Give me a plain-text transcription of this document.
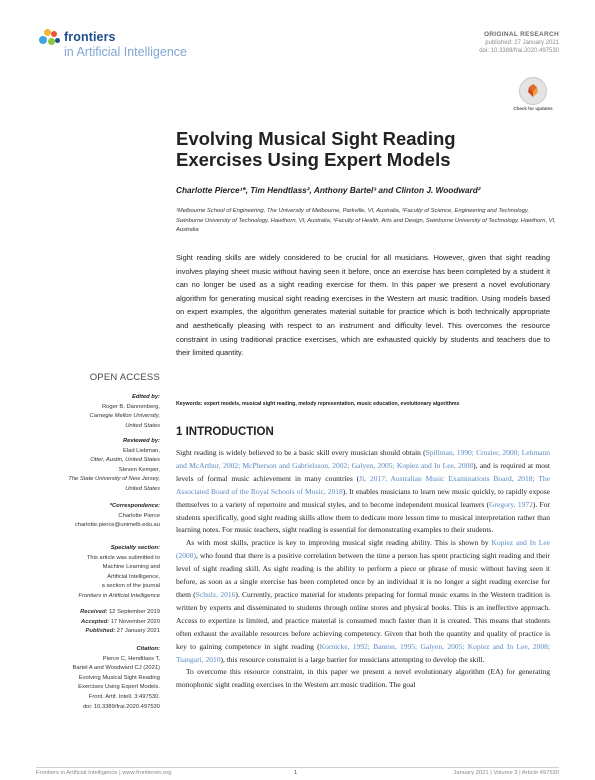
frontiers
in Artificial Intelligence
ORIGINAL RESEARCH
published: 27 January 2021
doi: 10.3389/frai.2020.497530
Check for updates
Evolving Musical Sight Reading Exercises Using Expert Models
Charlotte Pierce¹*, Tim Hendtlass², Anthony Bartel³ and Clinton J. Woodward²
¹Melbourne School of Engineering, The University of Melbourne, Parkville, VI, Australia, ²Faculty of Science, Engineering and Technology, Swinburne University of Technology, Hawthorn, VI, Australia, ³Faculty of Health, Arts and Design, Swinburne University of Technology, Hawthorn, VI, Australia
Sight reading skills are widely considered to be crucial for all musicians. However, given that sight reading involves playing sheet music without having seen it before, once an exercise has been completed by a student it can no longer be used as a sight reading exercise for them. In this paper we present a novel evolutionary algorithm for generating musical sight reading exercises in the Western art music tradition. Using models based on expert examples, the algorithm generates material suitable for practice which is both technically appropriate and aesthetically pleasing with respect to an instrument and difficulty level. This overcomes the resource constraint in using traditional practice exercises, which are exhausted quickly by students and teachers due to their limited quantity.
Keywords: expert models, musical sight reading, melody representation, music education, evolutionary algorithms
OPEN ACCESS
Edited by:
Roger B. Dannenberg,
Carnegie Mellon University,
United States
Reviewed by:
Elad Liebman,
Otter, Austin, United States
Steven Kemper,
The State University of New Jersey,
United States
*Correspondence:
Charlotte Pierce
charlotte.pierce@unimelb.edu.au
Specialty section:
This article was submitted to
Machine Learning and
Artificial Intelligence,
a section of the journal
Frontiers in Artificial Intelligence
Received: 12 September 2019
Accepted: 17 November 2020
Published: 27 January 2021
Citation:
Pierce C, Hendtlass T,
Bartel A and Woodward CJ (2021)
Evolving Musical Sight Reading
Exercises Using Expert Models.
Front. Artif. Intell. 3:497530.
doi: 10.3389/frai.2020.497530
1 INTRODUCTION

Sight reading is widely believed to be a basic skill every musician should obtain (Spillman, 1990; Crozier, 2000; Lehmann and McArthur, 2002; McPherson and Gabrielsson, 2002; Galyen, 2005; Kopiez and In Lee, 2008), and is required at most levels of formal music achievement in many countries (Ji, 2017; Australian Music Examinations Board, 2018; The Associated Board of the Royal Schools of Music, 2018). It enables musicians to learn new music quickly, to rapidly expose themselves to a variety of repertoire and musical styles, and to become independent musical learners (Gregory, 1972). For students specifically, good sight reading skills allow them to dedicate more lesson time to musical interpretation rather than learning notes. For music teachers, sight reading is essential for demonstrating examples to their students.

As with most skills, practice is key to improving musical sight reading ability. This is shown by Kopiez and In Lee (2008), who found that there is a positive correlation between the time a person has spent practicing sight reading and their level of sight reading skill. As sight reading is the ability to perform a piece or phrase of music without having seen it before, as soon as a single exercise has been completed once by an individual it is no longer a sight reading exercise for them (Schulz, 2016). Currently, practice material for students preparing for formal music exams in the Western tradition is written by experts and disseminated to students through online stores and physical books. This is an ineffective approach. Access to expertize is limited, and practice material is consumed much faster than it is created. This means that students often exhaust the available resources before achieving competency. Given that both the quantity and quality of practice is key to gaining competence in sight reading (Kornicke, 1992; Banton, 1995; Galyen, 2005; Kopiez and In Lee, 2008; Tsangari, 2010), this resource constraint is a large barrier for musicians attempting to develop the skill.

To overcome this resource constraint, in this paper we present a novel evolutionary algorithm (EA) for generating monophonic sight reading exercises in the Western art music tradition. The goal

Frontiers in Artificial Intelligence | www.frontiersin.org	1	January 2021 | Volume 3 | Article 497530
